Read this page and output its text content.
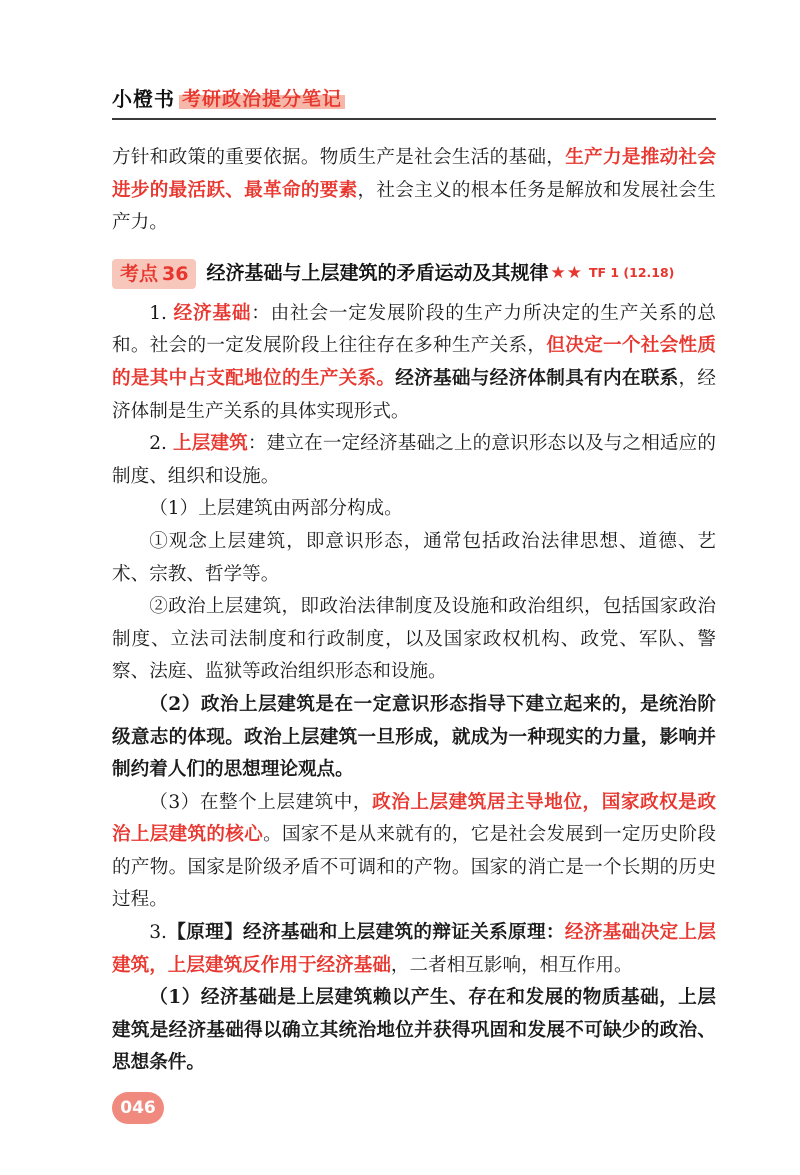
小橙书 考研政治提分笔记

方针和政策的重要依据。物质生产是社会生活的基础，生产力是推动社会进步的最活跃、最革命的要素，社会主义的根本任务是解放和发展社会生产力。

考点 36 经济基础与上层建筑的矛盾运动及其规律 ★★ TF 1 (12.18)

1. 经济基础：由社会一定发展阶段的生产力所决定的生产关系的总和。社会的一定发展阶段上往往存在多种生产关系，但决定一个社会性质的是其中占支配地位的生产关系。经济基础与经济体制具有内在联系，经济体制是生产关系的具体实现形式。

2. 上层建筑：建立在一定经济基础之上的意识形态以及与之相适应的制度、组织和设施。

（1）上层建筑由两部分构成。

①观念上层建筑，即意识形态，通常包括政治法律思想、道德、艺术、宗教、哲学等。

②政治上层建筑，即政治法律制度及设施和政治组织，包括国家政治制度、立法司法制度和行政制度，以及国家政权机构、政党、军队、警察、法庭、监狱等政治组织形态和设施。

（2）政治上层建筑是在一定意识形态指导下建立起来的，是统治阶级意志的体现。政治上层建筑一旦形成，就成为一种现实的力量，影响并制约着人们的思想理论观点。

（3）在整个上层建筑中，政治上层建筑居主导地位，国家政权是政治上层建筑的核心。国家不是从来就有的，它是社会发展到一定历史阶段的产物。国家是阶级矛盾不可调和的产物。国家的消亡是一个长期的历史过程。

3.【原理】经济基础和上层建筑的辩证关系原理：经济基础决定上层建筑，上层建筑反作用于经济基础，二者相互影响，相互作用。

（1）经济基础是上层建筑赖以产生、存在和发展的物质基础，上层建筑是经济基础得以确立其统治地位并获得巩固和发展不可缺少的政治、思想条件。

046
